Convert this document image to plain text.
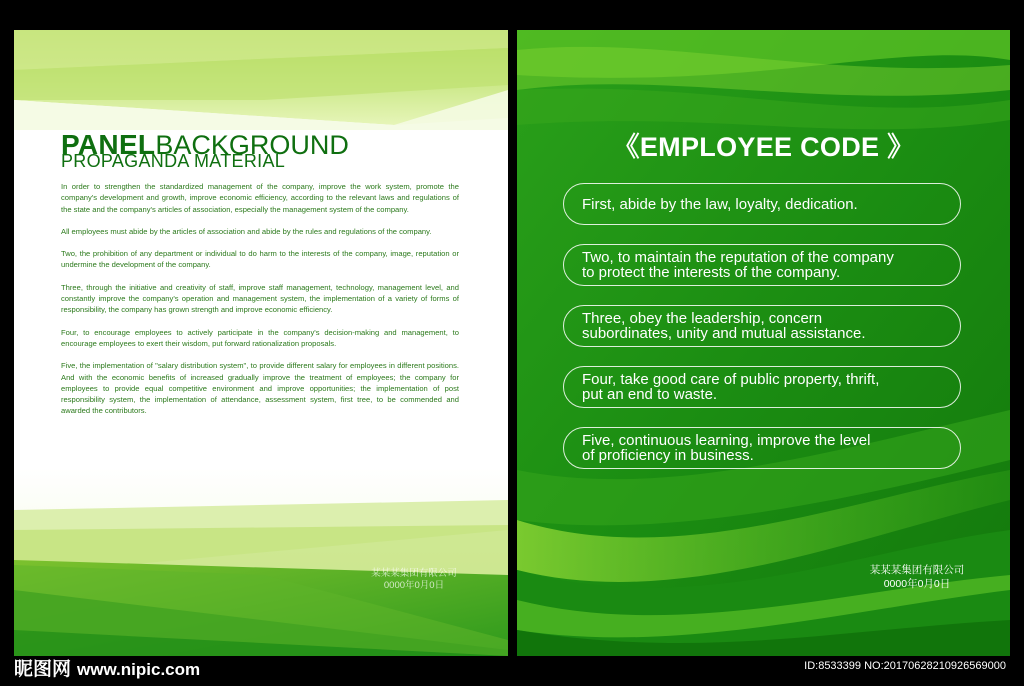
PANELBACKGROUND
PROPAGANDA MATERIAL

In order to strengthen the standardized management of the company, improve the work system, promote the company's development and growth, improve economic efficiency, according to the relevant laws and regulations of the state and the company's articles of association, especially the management system of the company.

All employees must abide by the articles of association and abide by the rules and regulations of the company.

Two, the prohibition of any department or individual to do harm to the interests of the company, image, reputation or undermine the development of the company.

Three, through the initiative and creativity of staff, improve staff management, technology, management level, and constantly improve the company's operation and management system, the implementation of a variety of forms of responsibility, the company has grown strength and improve economic efficiency.

Four, to encourage employees to actively participate in the company's decision-making and management, to encourage employees to exert their wisdom, put forward rationalization proposals.

Five, the implementation of "salary distribution system", to provide different salary for employees in different positions. And with the economic benefits of increased gradually improve the treatment of employees; the company for employees to provide equal competitive environment and improve opportunities; the implementation of post responsibility system, the implementation of attendance, assessment system, first tree, to be commended and awarded the contributors.

某某某集团有限公司
0000年0月0日
《EMPLOYEE CODE 》
First, abide by the law, loyalty, dedication.
Two, to maintain the reputation of the company
to protect the interests of the company.
Three, obey the leadership, concern
subordinates, unity and mutual assistance.
Four, take good care of public property, thrift,
put an end to waste.
Five, continuous learning, improve the level
of proficiency in business.
某某某集团有限公司
0000年0月0日
昵图网 www.nipic.com	ID:8533399 NO:20170628210926569000
